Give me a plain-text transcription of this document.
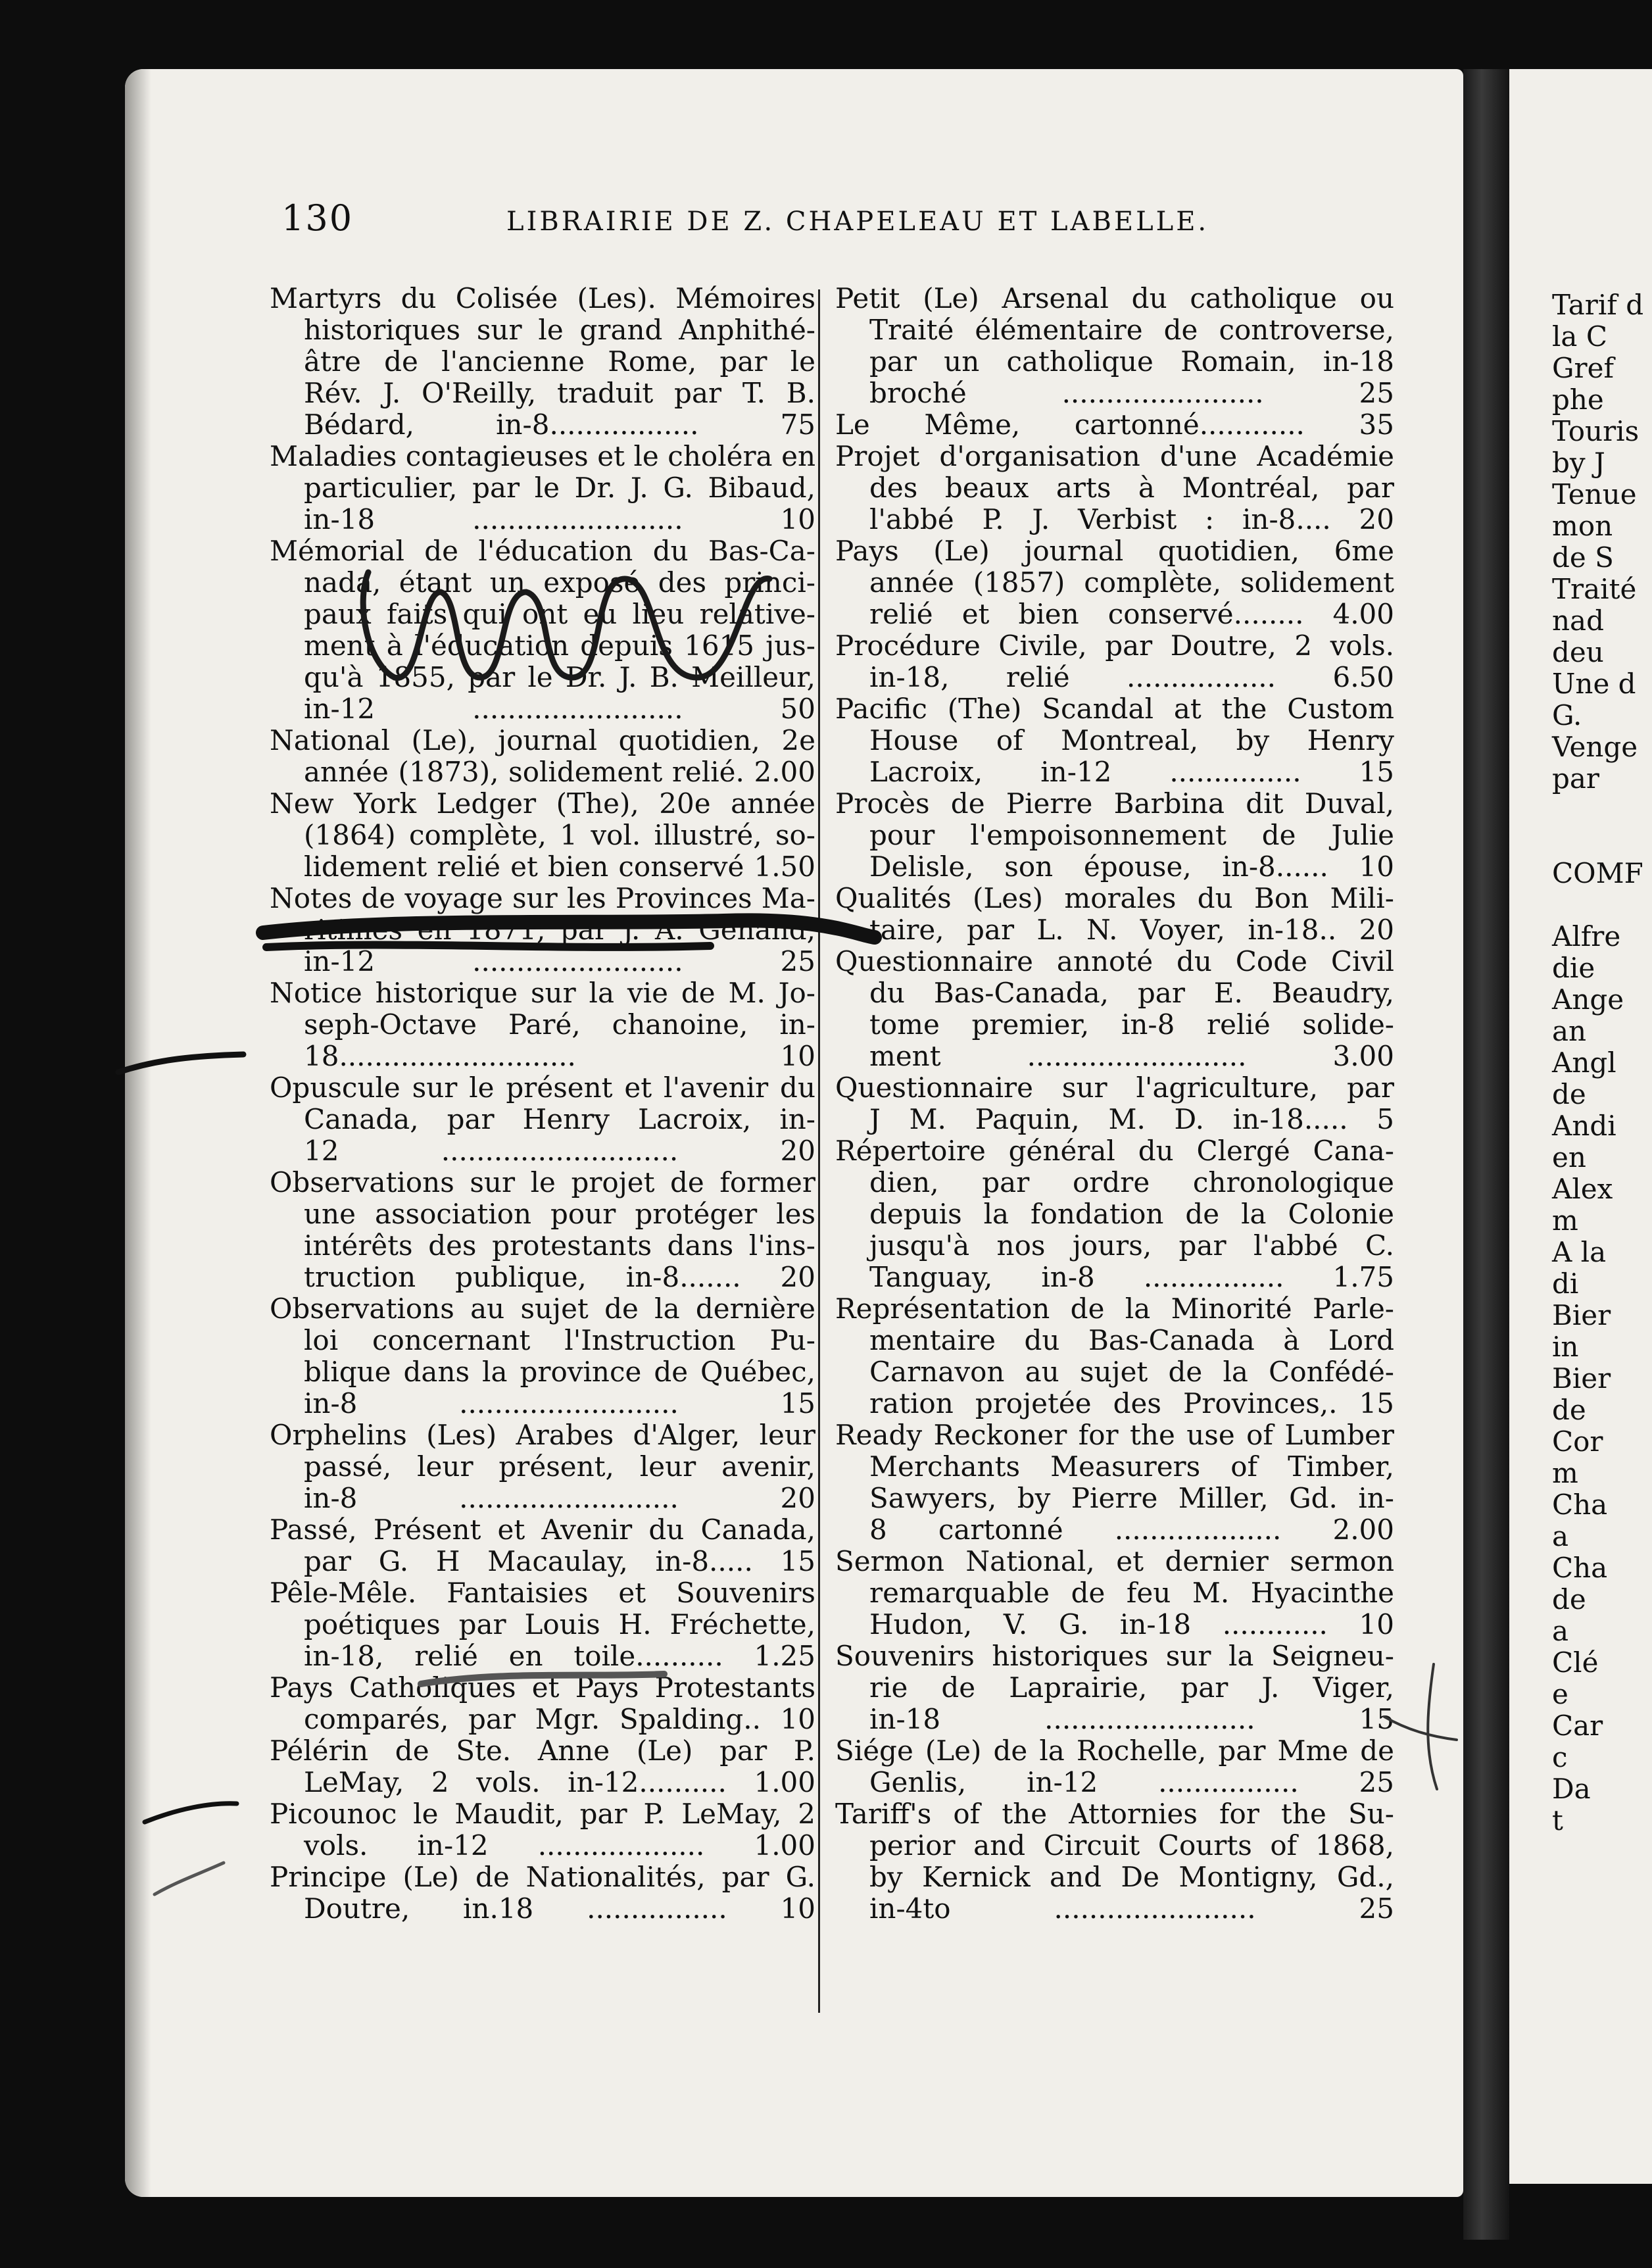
130	LIBRAIRIE DE Z. CHAPELEAU ET LABELLE.
Martyrs du Colisée (Les). Mémoires
historiques sur le grand Anphithé-
âtre de l'ancienne Rome, par le
Rév. J. O'Reilly, traduit par T. B.
Bédard, in-8................. 75
Maladies contagieuses et le choléra en
particulier, par le Dr. J. G. Bibaud,
in-18 ........................ 10
Mémorial de l'éducation du Bas-Ca-
nada, étant un exposé des princi-
paux faits qui ont eu lieu relative-
ment à l'éducation depuis 1615 jus-
qu'à 1855, par le Dr. J. B. Meilleur,
in-12 ........................ 50
National (Le), journal quotidien, 2e
année (1873), solidement relié. 2.00
New York Ledger (The), 20e année
(1864) complète, 1 vol. illustré, so-
lidement relié et bien conservé 1.50
Notes de voyage sur les Provinces Ma-
ritimes en 1871, par J. A. Genand,
in-12 ........................ 25
Notice historique sur la vie de M. Jo-
seph-Octave Paré, chanoine, in-
18........................... 10
Opuscule sur le présent et l'avenir du
Canada, par Henry Lacroix, in-
12 ........................... 20
Observations sur le projet de former
une association pour protéger les
intérêts des protestants dans l'ins-
truction publique, in-8....... 20
Observations au sujet de la dernière
loi concernant l'Instruction Pu-
blique dans la province de Québec,
in-8 ......................... 15
Orphelins (Les) Arabes d'Alger, leur
passé, leur présent, leur avenir,
in-8 ......................... 20
Passé, Présent et Avenir du Canada,
par G. H Macaulay, in-8..... 15
Pêle-Mêle. Fantaisies et Souvenirs
poétiques par Louis H. Fréchette,
in-18, relié en toile.......... 1.25
Pays Catholiques et Pays Protestants
comparés, par Mgr. Spalding.. 10
Pélérin de Ste. Anne (Le) par P.
LeMay, 2 vols. in-12.......... 1.00
Picounoc le Maudit, par P. LeMay, 2
vols. in-12 ................... 1.00
Principe (Le) de Nationalités, par G.
Doutre, in.18 ................ 10
Petit (Le) Arsenal du catholique ou
Traité élémentaire de controverse,
par un catholique Romain, in-18
broché ....................... 25
Le Même, cartonné............ 35
Projet d'organisation d'une Académie
des beaux arts à Montréal, par
l'abbé P. J. Verbist : in-8.... 20
Pays (Le) journal quotidien, 6me
année (1857) complète, solidement
relié et bien conservé........ 4.00
Procédure Civile, par Doutre, 2 vols.
in-18, relié ................. 6.50
Pacific (The) Scandal at the Custom
House of Montreal, by Henry
Lacroix, in-12 ............... 15
Procès de Pierre Barbina dit Duval,
pour l'empoisonnement de Julie
Delisle, son épouse, in-8...... 10
Qualités (Les) morales du Bon Mili-
taire, par L. N. Voyer, in-18.. 20
Questionnaire annoté du Code Civil
du Bas-Canada, par E. Beaudry,
tome premier, in-8 relié solide-
ment ......................... 3.00
Questionnaire sur l'agriculture, par
J M. Paquin, M. D. in-18..... 5
Répertoire général du Clergé Cana-
dien, par ordre chronologique
depuis la fondation de la Colonie
jusqu'à nos jours, par l'abbé C.
Tanguay, in-8 ................ 1.75
Représentation de la Minorité Parle-
mentaire du Bas-Canada à Lord
Carnavon au sujet de la Confédé-
ration projetée des Provinces,. 15
Ready Reckoner for the use of Lumber
Merchants Measurers of Timber,
Sawyers, by Pierre Miller, Gd. in-
8 cartonné ................... 2.00
Sermon National, et dernier sermon
remarquable de feu M. Hyacinthe
Hudon, V. G. in-18 ............ 10
Souvenirs historiques sur la Seigneu-
rie de Laprairie, par J. Viger,
in-18 ........................ 15
Siége (Le) de la Rochelle, par Mme de
Genlis, in-12 ................ 25
Tariff's of the Attornies for the Su-
perior and Circuit Courts of 1868,
by Kernick and De Montigny, Gd.,
in-4to ....................... 25
Tarif d
la C
Gref
phe
Touris
by J
Tenue
mon
de S
Traité
nad
deu
Une d
G.
Venge
par
COMF
Alfre
die
Ange
an
Angl
de
Andi
en
Alex
m
A la
di
Bier
in
Bier
de
Cor
m
Cha
a
Cha
de
a
Clé
e
Car
c
Da
t
